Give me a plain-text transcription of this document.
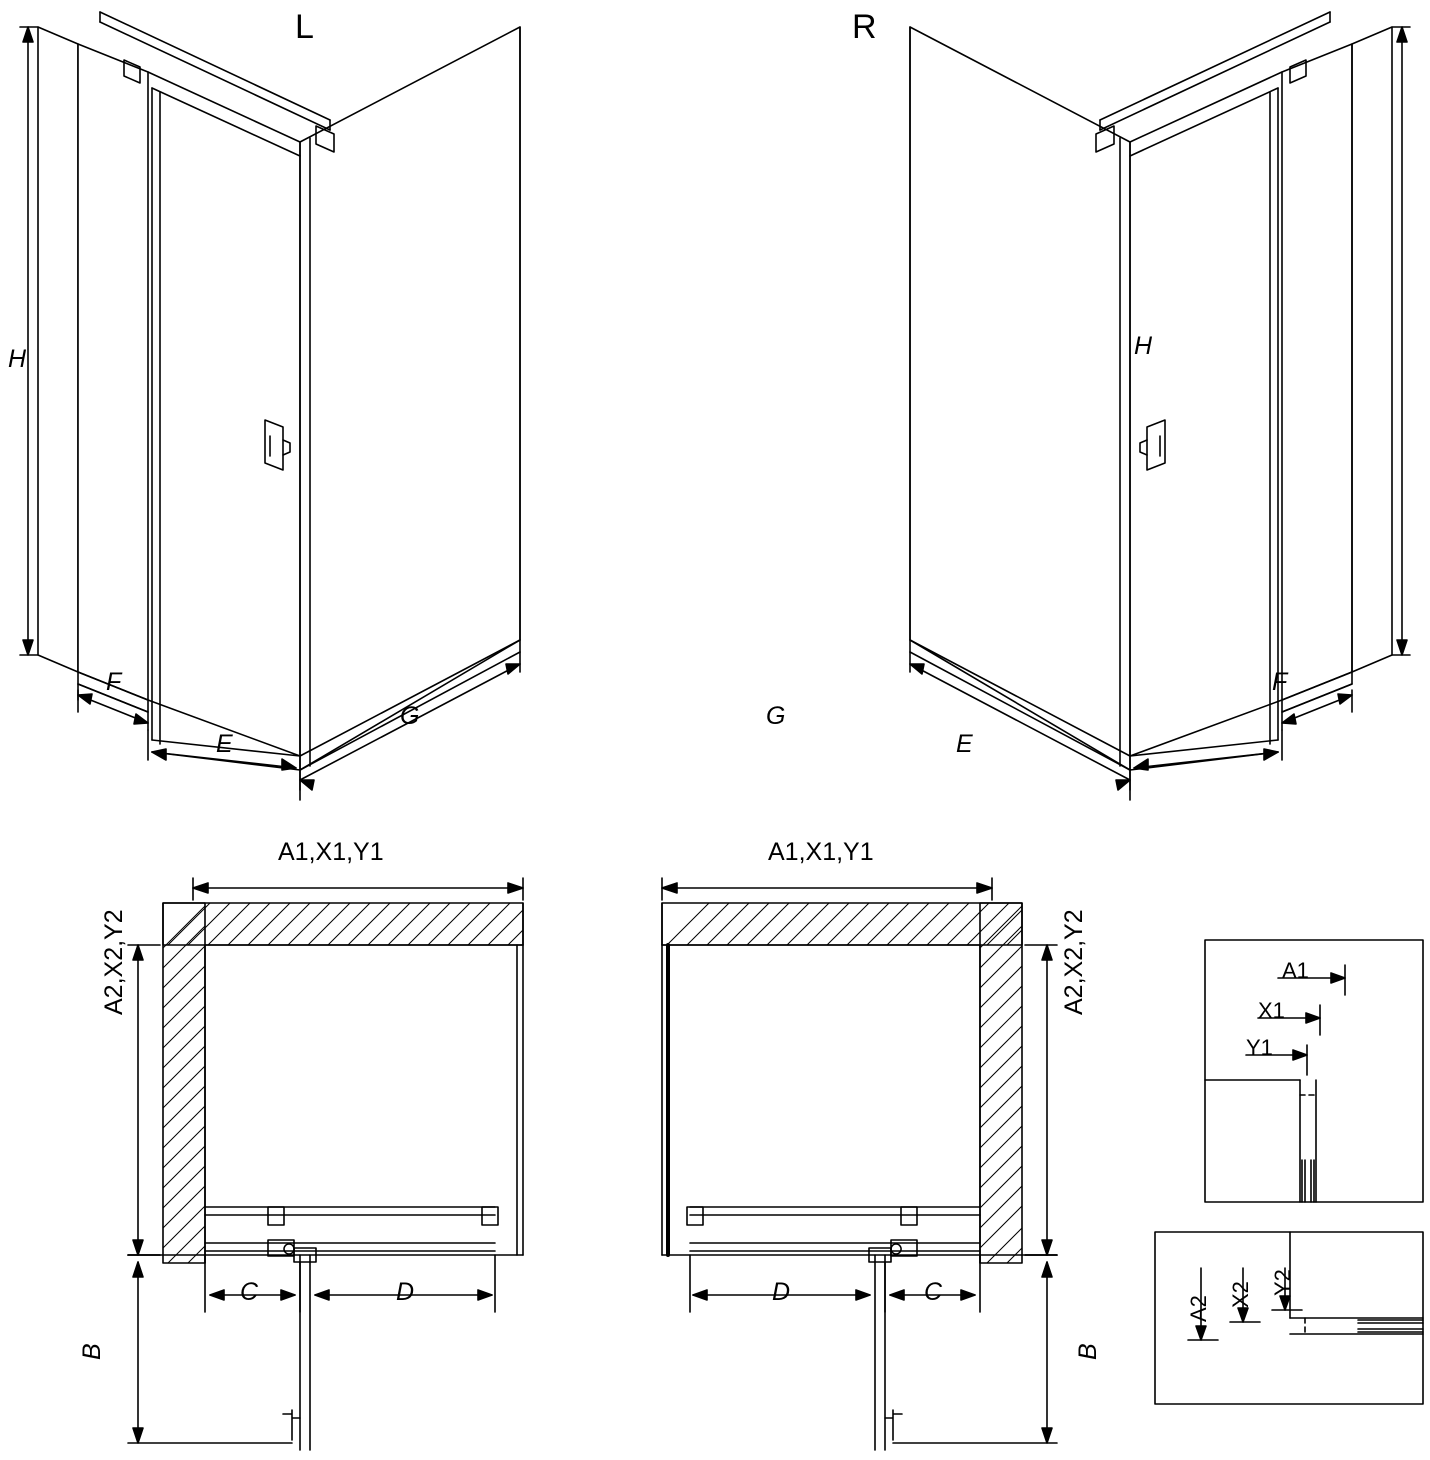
L	R
H	H
F
E
G	G
E
F
A1,X1,Y1	A1,X1,Y1
A2,X2,Y2	A2,X2,Y2
C	D	D	C
B	B
A1
X1
Y1
A2
X2 Y2
